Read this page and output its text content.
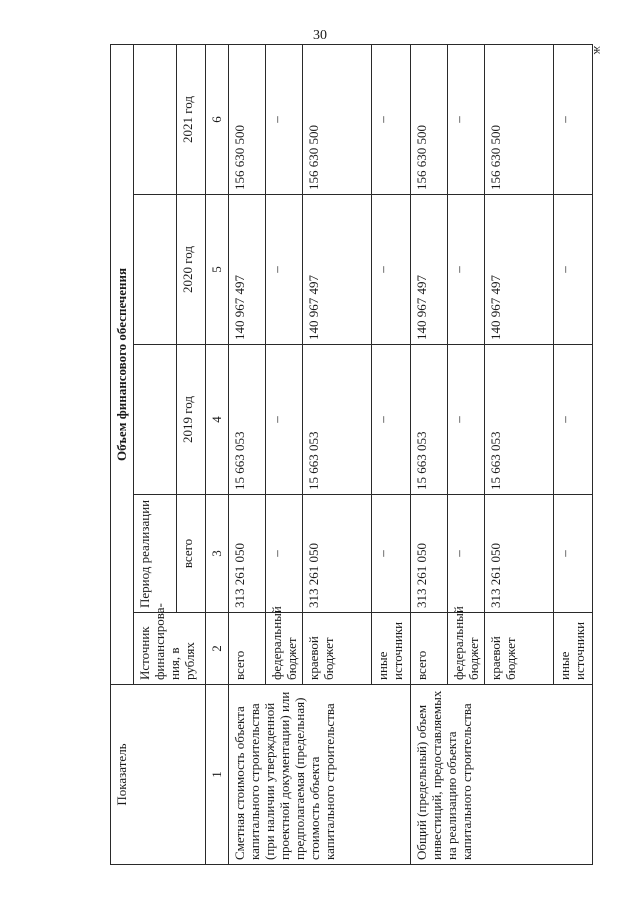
30
ж
Показатель	Объем финансового обеспечения				
	Источник финансирова-ния, в рублях	Период реализации			
		всего	2019 год	2020 год	2021 год
1	2	3	4	5	6
Сметная стоимость объекта капитального строительства (при наличии утвержденной проектной документации) или предполагаемая (предельная) стоимость объекта капитального строительства	всего	313 261 050	15 663 053	140 967 497	156 630 500
	федеральный бюджет	–	–	–	–
	краевой бюджет	313 261 050	15 663 053	140 967 497	156 630 500
	иные источники	–	–	–	–
Общий (предельный) объем инвестиций, предоставляемых на реализацию объекта капитального строительства	всего	313 261 050	15 663 053	140 967 497	156 630 500
	федеральный бюджет	–	–	–	–
	краевой бюджет	313 261 050	15 663 053	140 967 497	156 630 500
	иные источники	–	–	–	–
